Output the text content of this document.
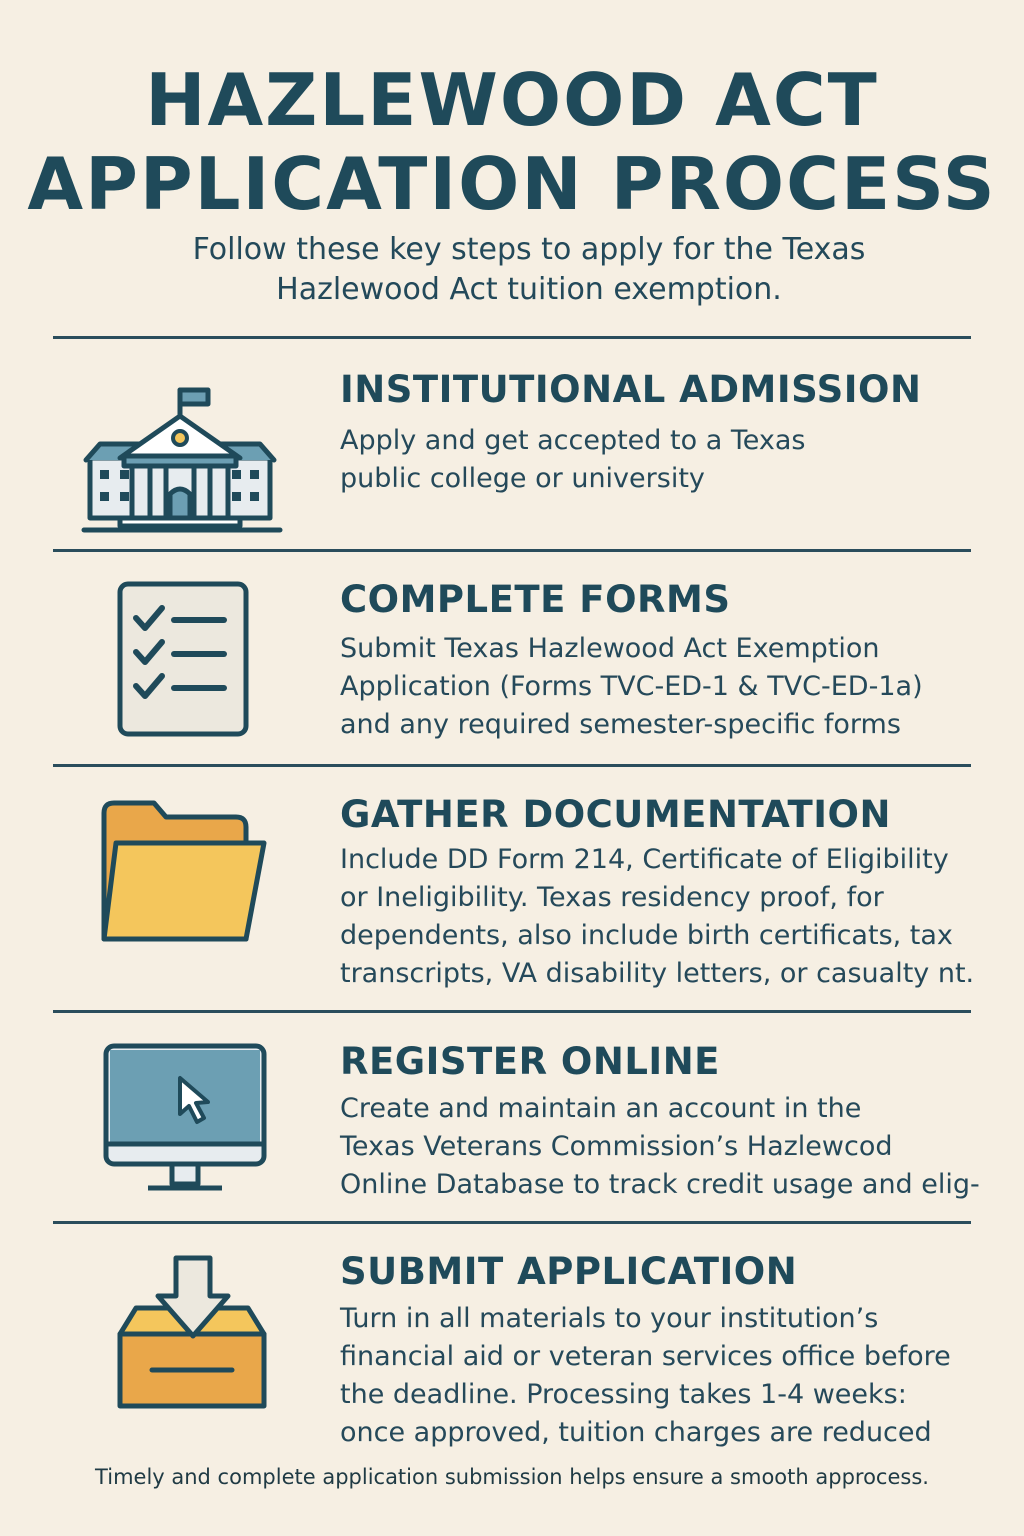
HAZLEWOOD ACT
APPLICATION PROCESS
Follow these key steps to apply for the Texas
Hazlewood Act tuition exemption.
INSTITUTIONAL ADMISSION
Apply and get accepted to a Texas
public college or university
COMPLETE FORMS
Submit Texas Hazlewood Act Exemption
Application (Forms TVC-ED-1 & TVC-ED-1a)
and any required semester-specific forms
GATHER DOCUMENTATION
Include DD Form 214, Certificate of Eligibility
or Ineligibility. Texas residency proof, for
dependents, also include birth certificats, tax
transcripts, VA disability letters, or casualty nt.
REGISTER ONLINE
Create and maintain an account in the
Texas Veterans Commission’s Hazlewcod
Online Database to track credit usage and elig-
SUBMIT APPLICATION
Turn in all materials to your institution’s
financial aid or veteran services office before
the deadline. Processing takes 1-4 weeks:
once approved, tuition charges are reduced
Timely and complete application submission helps ensure a smooth approcess.
